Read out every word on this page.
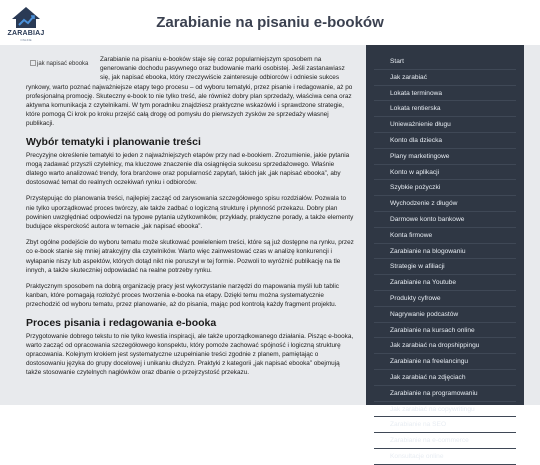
ZARABIAJ
ONLINE
Zarabianie na pisaniu e-booków
jak napisać ebooka

Zarabianie na pisaniu e-booków staje się coraz popularniejszym sposobem na generowanie dochodu pasywnego oraz budowanie marki osobistej. Jeśli zastanawiasz się, jak napisać ebooka, który rzeczywiście zainteresuje odbiorców i odniesie sukces rynkowy, warto poznać najważniejsze etapy tego procesu – od wyboru tematyki, przez pisanie i redagowanie, aż po profesjonalną promocję. Skuteczny e-book to nie tylko treść, ale również dobry plan sprzedaży, właściwa cena oraz aktywna komunikacja z czytelnikami. W tym poradniku znajdziesz praktyczne wskazówki i sprawdzone strategie, które pomogą Ci krok po kroku przejść całą drogę od pomysłu do pierwszych zysków ze sprzedaży własnej publikacji.

Wybór tematyki i planowanie treści

Precyzyjne określenie tematyki to jeden z najważniejszych etapów przy nad e-bookiem. Zrozumienie, jakie pytania mogą zadawać przyszli czytelnicy, ma kluczowe znaczenie dla osiągnięcia sukcesu sprzedażowego. Właśnie dlatego warto analizować trendy, fora branżowe oraz popularność zapytań, takich jak „jak napisać ebooka”, aby dostosować temat do realnych oczekiwań rynku i odbiorców.

Przystępując do planowania treści, najlepiej zacząć od zarysowania szczegółowego spisu rozdziałów. Pozwala to nie tylko uporządkować proces twórczy, ale także zadbać o logiczną strukturę i płynność przekazu. Dobry plan powinien uwzględniać odpowiedzi na typowe pytania użytkowników, przykłady, praktyczne porady, a także elementy budujące eksperckość autora w temacie „jak napisać ebooka”.

Zbyt ogólne podejście do wyboru tematu może skutkować powieleniem treści, które są już dostępne na rynku, przez co e-book stanie się mniej atrakcyjny dla czytelników. Warto więc zainwestować czas w analizę konkurencji i wyłapanie niszy lub aspektów, których dotąd nikt nie poruszył w tej formie. Pozwoli to wyróżnić publikację na tle innych, a także skuteczniej odpowiadać na realne potrzeby rynku.

Praktycznym sposobem na dobrą organizację pracy jest wykorzystanie narzędzi do mapowania myśli lub tablic kanban, które pomagają rozłożyć proces tworzenia e-booka na etapy. Dzięki temu można systematycznie przechodzić od wyboru tematu, przez planowanie, aż do pisania, mając pod kontrolą każdy fragment projektu.

Proces pisania i redagowania e-booka

Przygotowanie dobrego tekstu to nie tylko kwestia inspiracji, ale także uporządkowanego działania. Pisząc e-booka, warto zacząć od opracowania szczegółowego konspektu, który pomoże zachować spójność i logiczną strukturę opracowania. Kolejnym krokiem jest systematyczne uzupełnianie treści zgodnie z planem, pamiętając o dostosowaniu języka do grupy docelowej i unikaniu dłużyzn. Praktyki z kategorii „jak napisać ebooka” obejmują także stosowanie czytelnych nagłówków oraz dbanie o przejrzystość przekazu.

Start
Jak zarabiać
Lokata terminowa
Lokata rentierska
Unieważnienie długu
Konto dla dziecka
Plany marketingowe
Konto w aplikacji
Szybkie pożyczki
Wychodzenie z długów
Darmowe konto bankowe
Konta firmowe
Zarabianie na blogowaniu
Strategie w afiliacji
Zarabianie na Youtube
Produkty cyfrowe
Nagrywanie podcastów
Zarabianie na kursach online
Jak zarabiać na dropshippingu
Zarabianie na freelancingu
Jak zarabiać na zdjęciach
Zarabianie na programowaniu
Jak zarabiać na copywritingu
Zarabianie na SEO
Zarabianie na e-commerce
Konsultacje online
